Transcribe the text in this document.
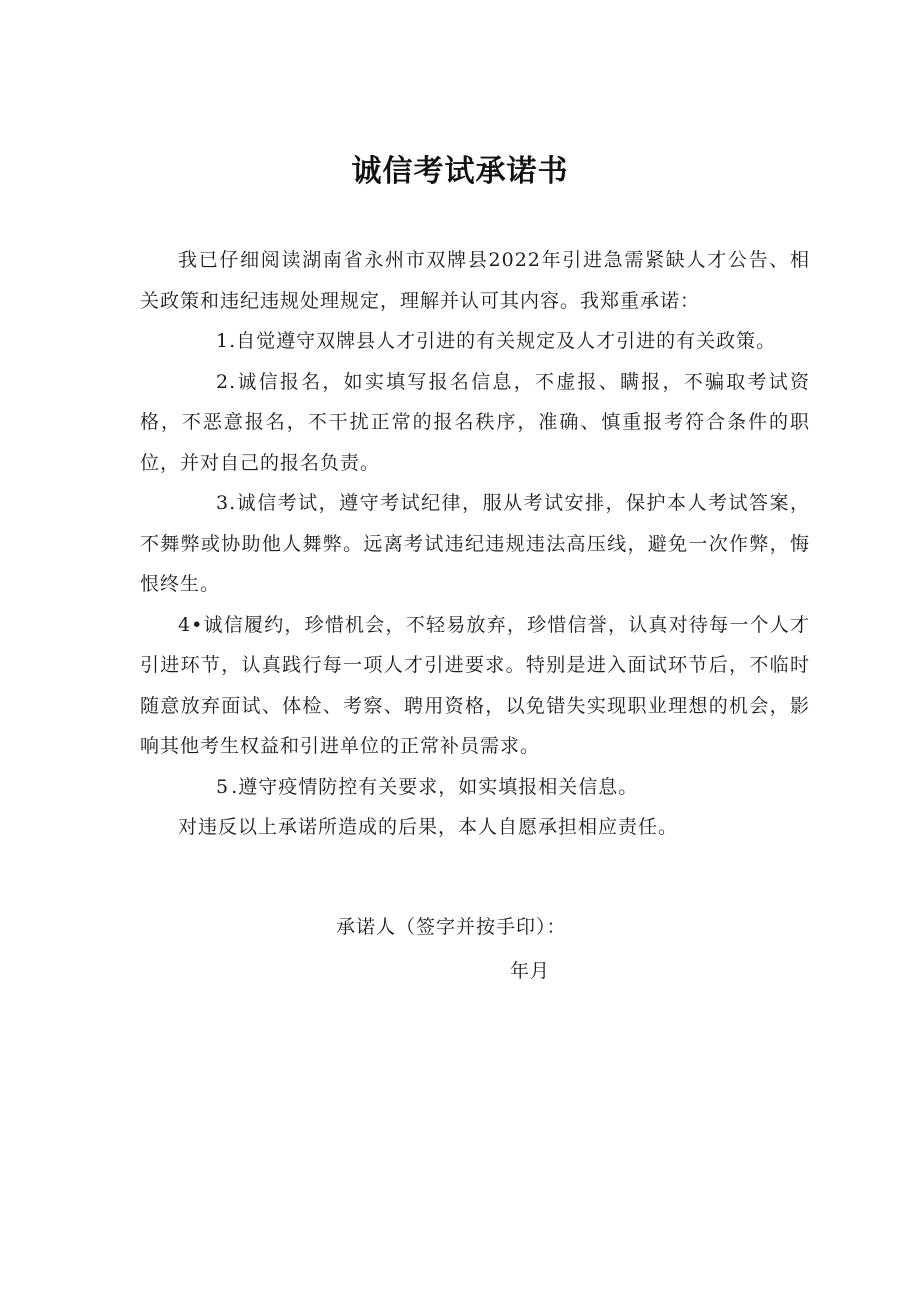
诚信考试承诺书

我已仔细阅读湖南省永州市双牌县2022年引进急需紧缺人才公告、相关政策和违纪违规处理规定，理解并认可其内容。我郑重承诺：

1.自觉遵守双牌县人才引进的有关规定及人才引进的有关政策。

2.诚信报名，如实填写报名信息，不虚报、瞒报，不骗取考试资格，不恶意报名，不干扰正常的报名秩序，准确、慎重报考符合条件的职位，并对自己的报名负责。

3.诚信考试，遵守考试纪律，服从考试安排，保护本人考试答案，不舞弊或协助他人舞弊。远离考试违纪违规违法高压线，避免一次作弊，悔恨终生。

4•诚信履约，珍惜机会，不轻易放弃，珍惜信誉，认真对待每一个人才引进环节，认真践行每一项人才引进要求。特别是进入面试环节后，不临时随意放弃面试、体检、考察、聘用资格，以免错失实现职业理想的机会，影响其他考生权益和引进单位的正常补员需求。

5 .遵守疫情防控有关要求，如实填报相关信息。

对违反以上承诺所造成的后果，本人自愿承担相应责任。

承诺人（签字并按手印）：
年月
